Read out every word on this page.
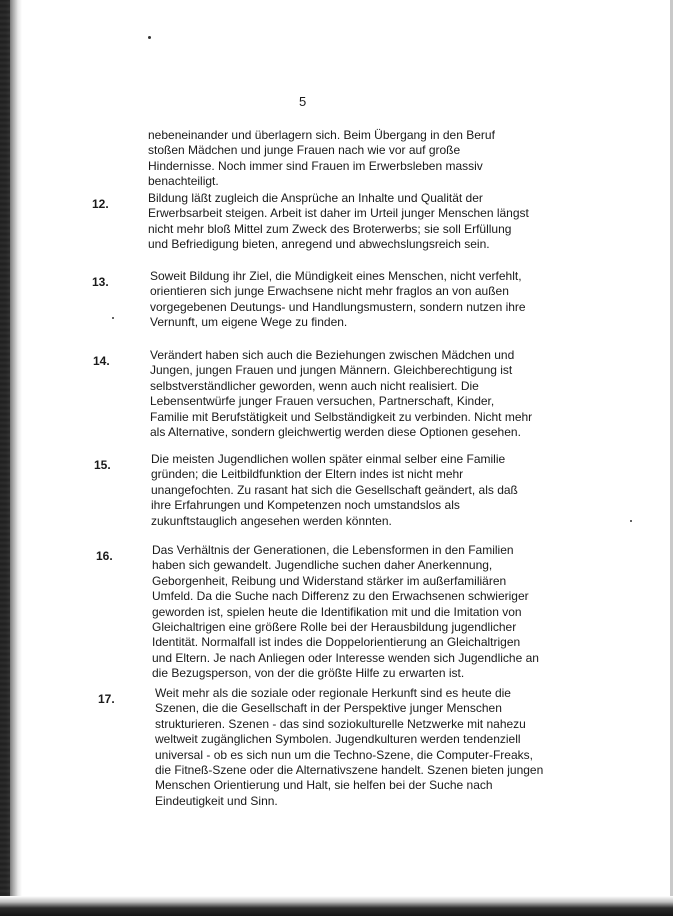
5
nebeneinander und überlagern sich. Beim Übergang in den Beruf stoßen Mädchen und junge Frauen nach wie vor auf große Hindernisse. Noch immer sind Frauen im Erwerbsleben massiv benachteiligt.
12.	Bildung läßt zugleich die Ansprüche an Inhalte und Qualität der Erwerbsarbeit steigen. Arbeit ist daher im Urteil junger Menschen längst nicht mehr bloß Mittel zum Zweck des Broterwerbs; sie soll Erfüllung und Befriedigung bieten, anregend und abwechslungsreich sein.
13.	Soweit Bildung ihr Ziel, die Mündigkeit eines Menschen, nicht verfehlt, orientieren sich junge Erwachsene nicht mehr fraglos an von außen vorgegebenen Deutungs- und Handlungsmustern, sondern nutzen ihre Vernunft, um eigene Wege zu finden.
14.	Verändert haben sich auch die Beziehungen zwischen Mädchen und Jungen, jungen Frauen und jungen Männern. Gleichberechtigung ist selbstverständlicher geworden, wenn auch nicht realisiert. Die Lebensentwürfe junger Frauen versuchen, Partnerschaft, Kinder, Familie mit Berufstätigkeit und Selbständigkeit zu verbinden. Nicht mehr als Alternative, sondern gleichwertig werden diese Optionen gesehen.
15.	Die meisten Jugendlichen wollen später einmal selber eine Familie gründen; die Leitbildfunktion der Eltern indes ist nicht mehr unangefochten. Zu rasant hat sich die Gesellschaft geändert, als daß ihre Erfahrungen und Kompetenzen noch umstandslos als zukunftstauglich angesehen werden könnten.
16.	Das Verhältnis der Generationen, die Lebensformen in den Familien haben sich gewandelt. Jugendliche suchen daher Anerkennung, Geborgenheit, Reibung und Widerstand stärker im außerfamiliären Umfeld. Da die Suche nach Differenz zu den Erwachsenen schwieriger geworden ist, spielen heute die Identifikation mit und die Imitation von Gleichaltrigen eine größere Rolle bei der Herausbildung jugendlicher Identität. Normalfall ist indes die Doppelorientierung an Gleichaltrigen und Eltern. Je nach Anliegen oder Interesse wenden sich Jugendliche an die Bezugsperson, von der die größte Hilfe zu erwarten ist.
17.	Weit mehr als die soziale oder regionale Herkunft sind es heute die Szenen, die die Gesellschaft in der Perspektive junger Menschen strukturieren. Szenen - das sind soziokulturelle Netzwerke mit nahezu weltweit zugänglichen Symbolen. Jugendkulturen werden tendenziell universal - ob es sich nun um die Techno-Szene, die Computer-Freaks, die Fitneß-Szene oder die Alternativszene handelt. Szenen bieten jungen Menschen Orientierung und Halt, sie helfen bei der Suche nach Eindeutigkeit und Sinn.
